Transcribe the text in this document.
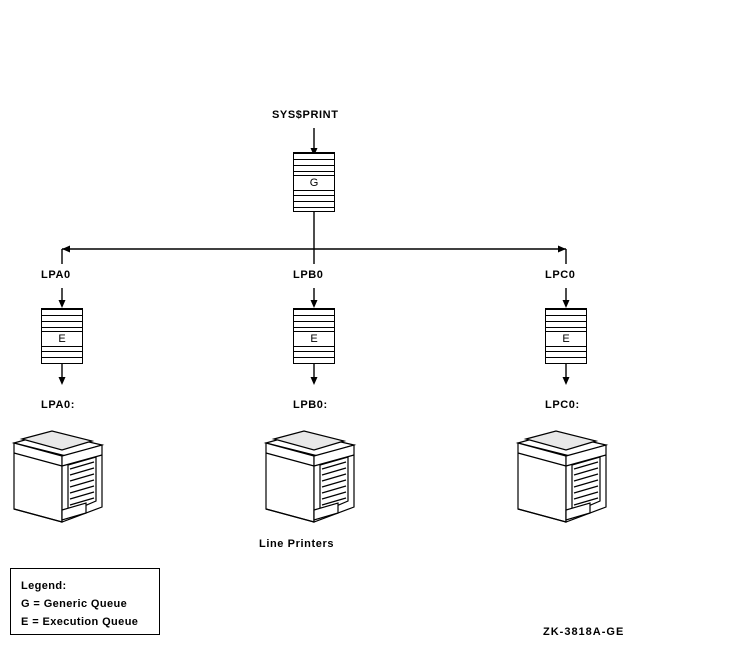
SYS$PRINT
G
LPA0
E
LPA0:
LPB0
E
LPB0:
LPC0
E
LPC0:
Line Printers
Legend:
G = Generic Queue
E = Execution Queue
ZK-3818A-GE
